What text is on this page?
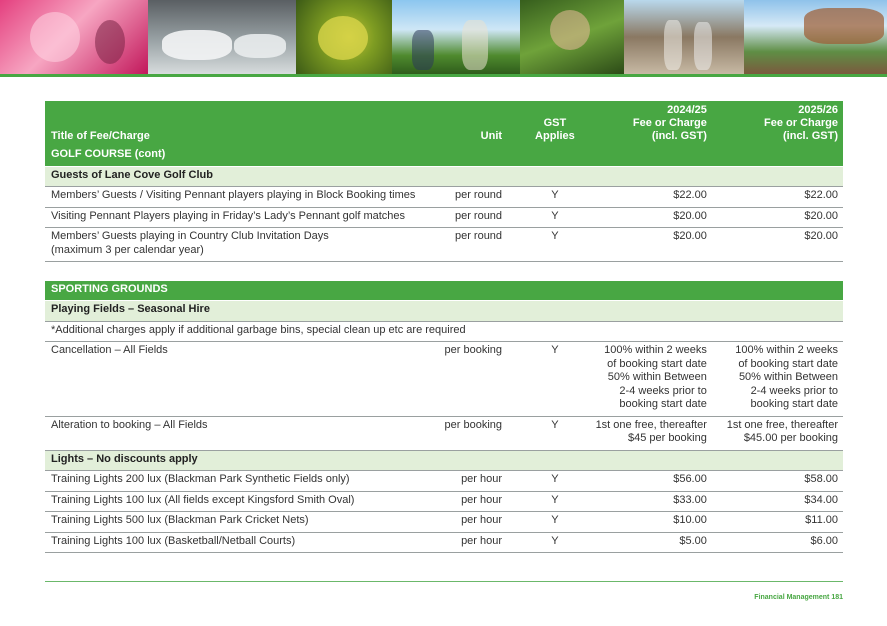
Title of Fee/Charge	Unit	GST
Applies	2024/25
Fee or Charge
(incl. GST)	2025/26
Fee or Charge
(incl. GST)
GOLF COURSE (cont)				
Guests of Lane Cove Golf Club				
Members’ Guests / Visiting Pennant players playing in Block Booking times	per round	Y	$22.00	$22.00
Visiting Pennant Players playing in Friday’s Lady’s Pennant golf matches	per round	Y	$20.00	$20.00
Members’ Guests playing in Country Club Invitation Days
(maximum 3 per calendar year)	per round	Y	$20.00	$20.00

SPORTING GROUNDS				
Playing Fields – Seasonal Hire				
*Additional charges apply if additional garbage bins, special clean up etc are required				
Cancellation – All Fields	per booking	Y	100% within 2 weeks
of booking start date
50% within Between
2-4 weeks prior to
booking start date	100% within 2 weeks
of booking start date
50% within Between
2-4 weeks prior to
booking start date
Alteration to booking – All Fields	per booking	Y	1st one free, thereafter
$45 per booking	1st one free, thereafter
$45.00 per booking
Lights – No discounts apply				
Training Lights 200 lux (Blackman Park Synthetic Fields only)	per hour	Y	$56.00	$58.00
Training Lights 100 lux (All fields except Kingsford Smith Oval)	per hour	Y	$33.00	$34.00
Training Lights 500 lux (Blackman Park Cricket Nets)	per hour	Y	$10.00	$11.00
Training Lights 100 lux (Basketball/Netball Courts)	per hour	Y	$5.00	$6.00
Financial Management 181
